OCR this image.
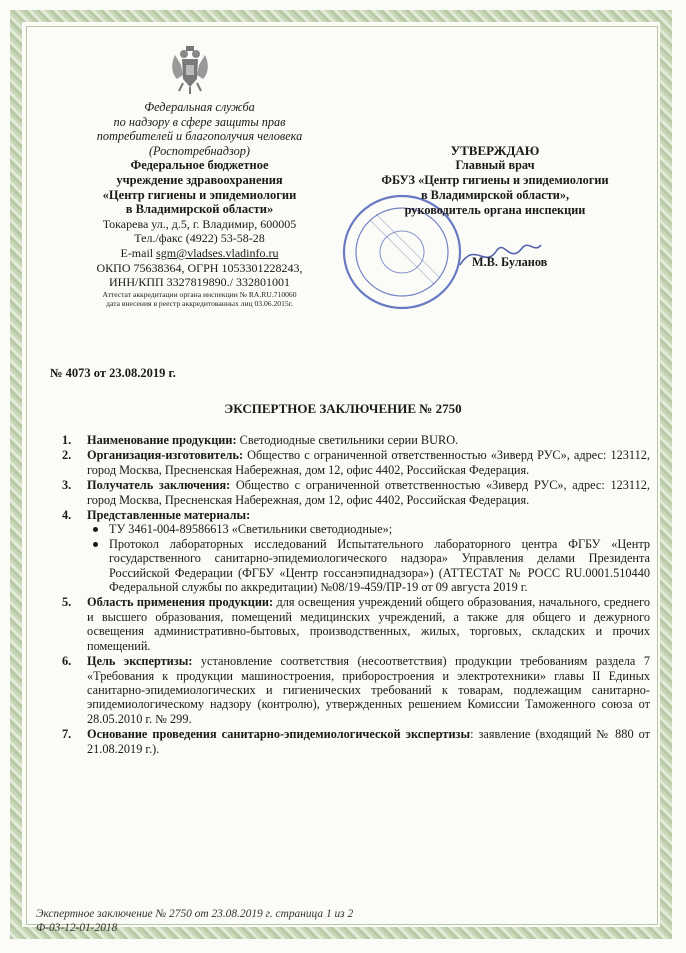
Федеральная служба
по надзору в сфере защиты прав
потребителей и благополучия человека
(Роспотребнадзор)
Федеральное бюджетное
учреждение здравоохранения
«Центр гигиены и эпидемиологии
в Владимирской области»
Токарева ул., д.5, г. Владимир, 600005
Тел./факс (4922) 53-58-28
E-mail sgm@vladses.vladinfo.ru
ОКПО 75638364, ОГРН 1053301228243,
ИНН/КПП 3327819890./ 332801001
Аттестат аккредитации органа инспекции № RA.RU.710060
дата внесения в реестр аккредитованных лиц 03.06.2015г.
УТВЕРЖДАЮ
Главный врач
ФБУЗ «Центр гигиены и эпидемиологии
в Владимирской области»,
руководитель органа инспекции
М.В. Буланов
№ 4073 от 23.08.2019 г.
ЭКСПЕРТНОЕ ЗАКЛЮЧЕНИЕ № 2750
1. Наименование продукции: Светодиодные светильники серии BURO.
2. Организация-изготовитель: Общество с ограниченной ответственностью «Зиверд РУС», адрес: 123112, город Москва, Пресненская Набережная, дом 12, офис 4402, Российская Федерация.
3. Получатель заключения: Общество с ограниченной ответственностью «Зиверд РУС», адрес: 123112, город Москва, Пресненская Набережная, дом 12, офис 4402, Российская Федерация.
4. Представленные материалы:
ТУ 3461-004-89586613 «Светильники светодиодные»;
Протокол лабораторных исследований Испытательного лабораторного центра ФГБУ «Центр государственного санитарно-эпидемиологического надзора» Управления делами Президента Российской Федерации (ФГБУ «Центр госсанэпиднадзора») (АТТЕСТАТ № РОСС RU.0001.510440 Федеральной службы по аккредитации) №08/19-459/ПР-19 от 09 августа 2019 г.
5. Область применения продукции: для освещения учреждений общего образования, начального, среднего и высшего образования, помещений медицинских учреждений, а также для общего и дежурного освещения административно-бытовых, производственных, жилых, торговых, складских и прочих помещений.
6. Цель экспертизы: установление соответствия (несоответствия) продукции требованиям раздела 7 «Требования к продукции машиностроения, приборостроения и электротехники» главы II Единых санитарно-эпидемиологических и гигиенических требований к товарам, подлежащим санитарно-эпидемиологическому надзору (контролю), утвержденных решением Комиссии Таможенного союза от 28.05.2010 г. № 299.
7. Основание проведения санитарно-эпидемиологической экспертизы: заявление (входящий № 880 от 21.08.2019 г.).
Экспертное заключение № 2750 от 23.08.2019 г. страница 1 из 2
Ф-03-12-01-2018
